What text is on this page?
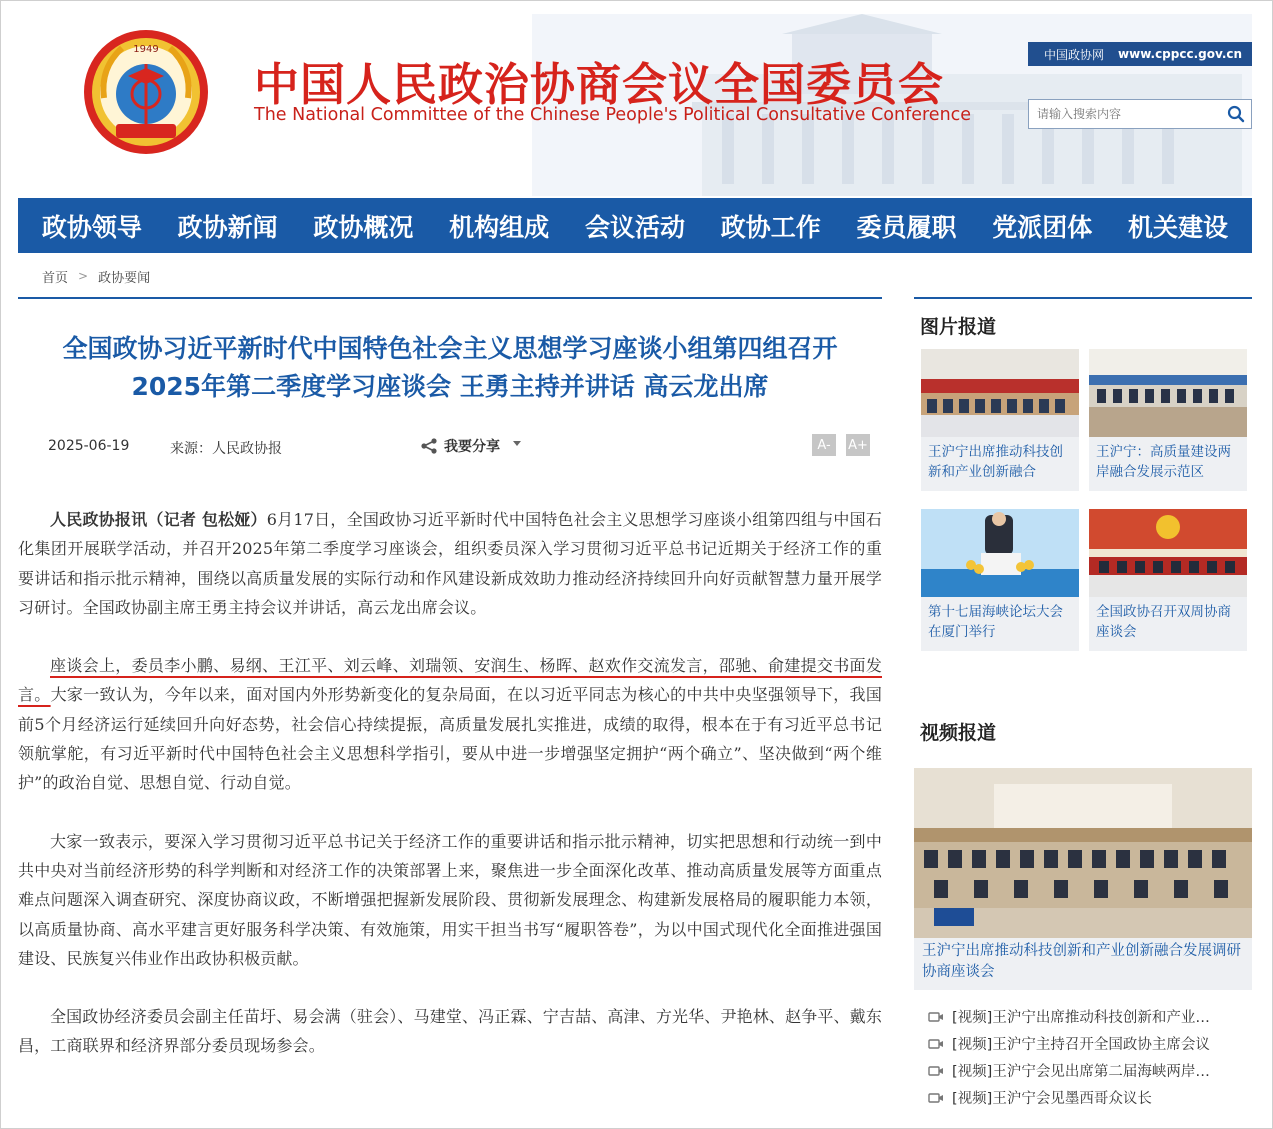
1949
中国人民政治协商会议全国委员会
The National Committee of the Chinese People's Political Consultative Conference
中国政协网 www.cppcc.gov.cn
请输入搜索内容
政协领导 政协新闻 政协概况 机构组成 会议活动 政协工作 委员履职 党派团体 机关建设
首页 > 政协要闻
全国政协习近平新时代中国特色社会主义思想学习座谈小组第四组召开
2025年第二季度学习座谈会 王勇主持并讲话 高云龙出席
2025-06-19	来源：人民政协报	我要分享	A-	A+

人民政协报讯（记者 包松娅）6月17日，全国政协习近平新时代中国特色社会主义思想学习座谈小组第四组与中国石化集团开展联学活动，并召开2025年第二季度学习座谈会，组织委员深入学习贯彻习近平总书记近期关于经济工作的重要讲话和指示批示精神，围绕以高质量发展的实际行动和作风建设新成效助力推动经济持续回升向好贡献智慧力量开展学习研讨。全国政协副主席王勇主持会议并讲话，高云龙出席会议。

座谈会上，委员李小鹏、易纲、王江平、刘云峰、刘瑞领、安润生、杨晖、赵欢作交流发言，邵驰、俞建提交书面发言。大家一致认为，今年以来，面对国内外形势新变化的复杂局面，在以习近平同志为核心的中共中央坚强领导下，我国前5个月经济运行延续回升向好态势，社会信心持续提振，高质量发展扎实推进，成绩的取得，根本在于有习近平总书记领航掌舵，有习近平新时代中国特色社会主义思想科学指引，要从中进一步增强坚定拥护“两个确立”、坚决做到“两个维护”的政治自觉、思想自觉、行动自觉。

大家一致表示，要深入学习贯彻习近平总书记关于经济工作的重要讲话和指示批示精神，切实把思想和行动统一到中共中央对当前经济形势的科学判断和对经济工作的决策部署上来，聚焦进一步全面深化改革、推动高质量发展等方面重点难点问题深入调查研究、深度协商议政，不断增强把握新发展阶段、贯彻新发展理念、构建新发展格局的履职能力本领，以高质量协商、高水平建言更好服务科学决策、有效施策，用实干担当书写“履职答卷”，为以中国式现代化全面推进强国建设、民族复兴伟业作出政协积极贡献。

全国政协经济委员会副主任苗圩、易会满（驻会）、马建堂、冯正霖、宁吉喆、高津、方光华、尹艳林、赵争平、戴东昌，工商联界和经济界部分委员现场参会。

图片报道
王沪宁出席推动科技创新和产业创新融合
王沪宁：高质量建设两岸融合发展示范区
第十七届海峡论坛大会在厦门举行
全国政协召开双周协商座谈会
视频报道
王沪宁出席推动科技创新和产业创新融合发展调研协商座谈会
[视频]王沪宁出席推动科技创新和产业…
[视频]王沪宁主持召开全国政协主席会议
[视频]王沪宁会见出席第二届海峡两岸…
[视频]王沪宁会见墨西哥众议长
